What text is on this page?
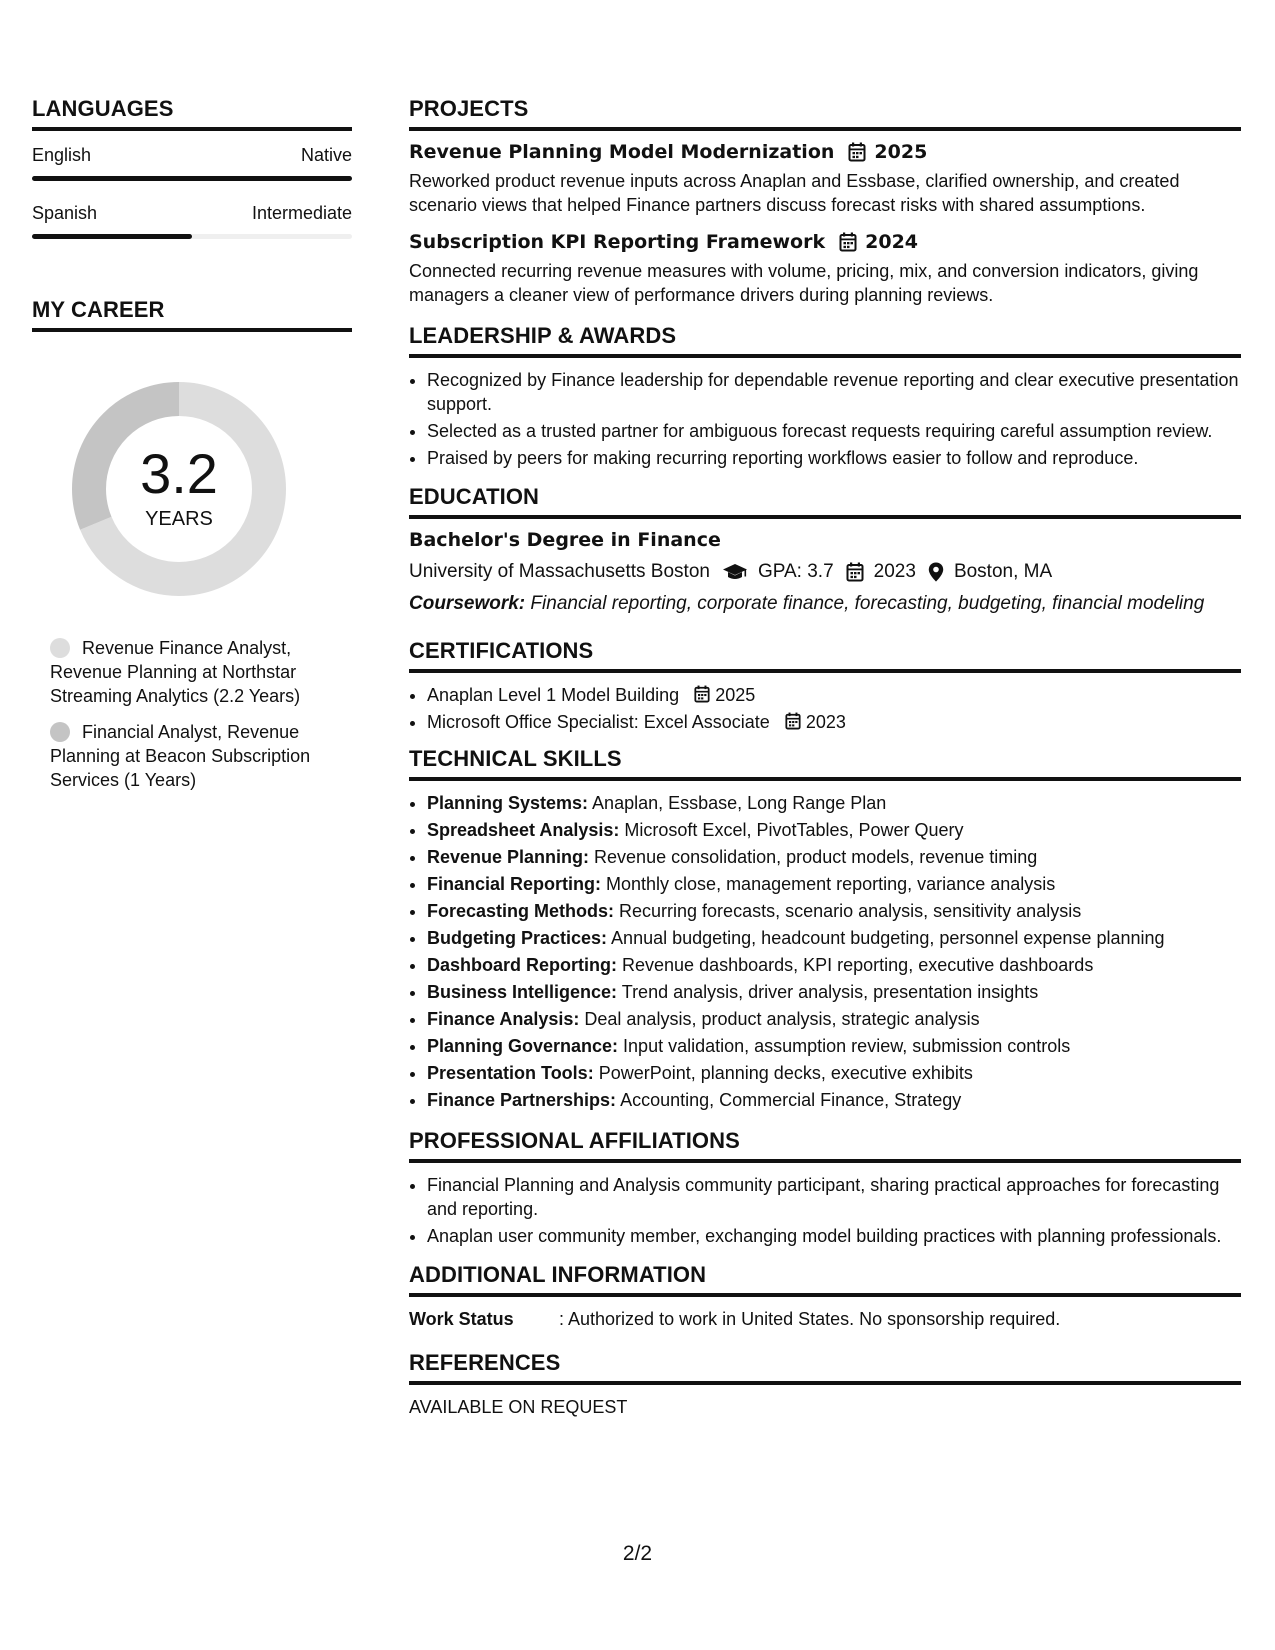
LANGUAGES
English	Native
Spanish	Intermediate
MY CAREER
3.2
YEARS
Revenue Finance Analyst, Revenue Planning at Northstar Streaming Analytics (2.2 Years)
Financial Analyst, Revenue Planning at Beacon Subscription Services (1 Years)
PROJECTS
Revenue Planning Model Modernization 2025
Reworked product revenue inputs across Anaplan and Essbase, clarified ownership, and created scenario views that helped Finance partners discuss forecast risks with shared assumptions.
Subscription KPI Reporting Framework 2024
Connected recurring revenue measures with volume, pricing, mix, and conversion indicators, giving managers a cleaner view of performance drivers during planning reviews.
LEADERSHIP & AWARDS
• Recognized by Finance leadership for dependable revenue reporting and clear executive presentation support.
• Selected as a trusted partner for ambiguous forecast requests requiring careful assumption review.
• Praised by peers for making recurring reporting workflows easier to follow and reproduce.
EDUCATION
Bachelor's Degree in Finance
University of Massachusetts Boston	GPA: 3.7 2023 Boston, MA
Coursework: Financial reporting, corporate finance, forecasting, budgeting, financial modeling
CERTIFICATIONS
• Anaplan Level 1 Model Building 2025
• Microsoft Office Specialist: Excel Associate 2023
TECHNICAL SKILLS
• Planning Systems: Anaplan, Essbase, Long Range Plan
• Spreadsheet Analysis: Microsoft Excel, PivotTables, Power Query
• Revenue Planning: Revenue consolidation, product models, revenue timing
• Financial Reporting: Monthly close, management reporting, variance analysis
• Forecasting Methods: Recurring forecasts, scenario analysis, sensitivity analysis
• Budgeting Practices: Annual budgeting, headcount budgeting, personnel expense planning
• Dashboard Reporting: Revenue dashboards, KPI reporting, executive dashboards
• Business Intelligence: Trend analysis, driver analysis, presentation insights
• Finance Analysis: Deal analysis, product analysis, strategic analysis
• Planning Governance: Input validation, assumption review, submission controls
• Presentation Tools: PowerPoint, planning decks, executive exhibits
• Finance Partnerships: Accounting, Commercial Finance, Strategy
PROFESSIONAL AFFILIATIONS
• Financial Planning and Analysis community participant, sharing practical approaches for forecasting and reporting.
• Anaplan user community member, exchanging model building practices with planning professionals.
ADDITIONAL INFORMATION
Work Status	: Authorized to work in United States. No sponsorship required.
REFERENCES
AVAILABLE ON REQUEST
2/2
